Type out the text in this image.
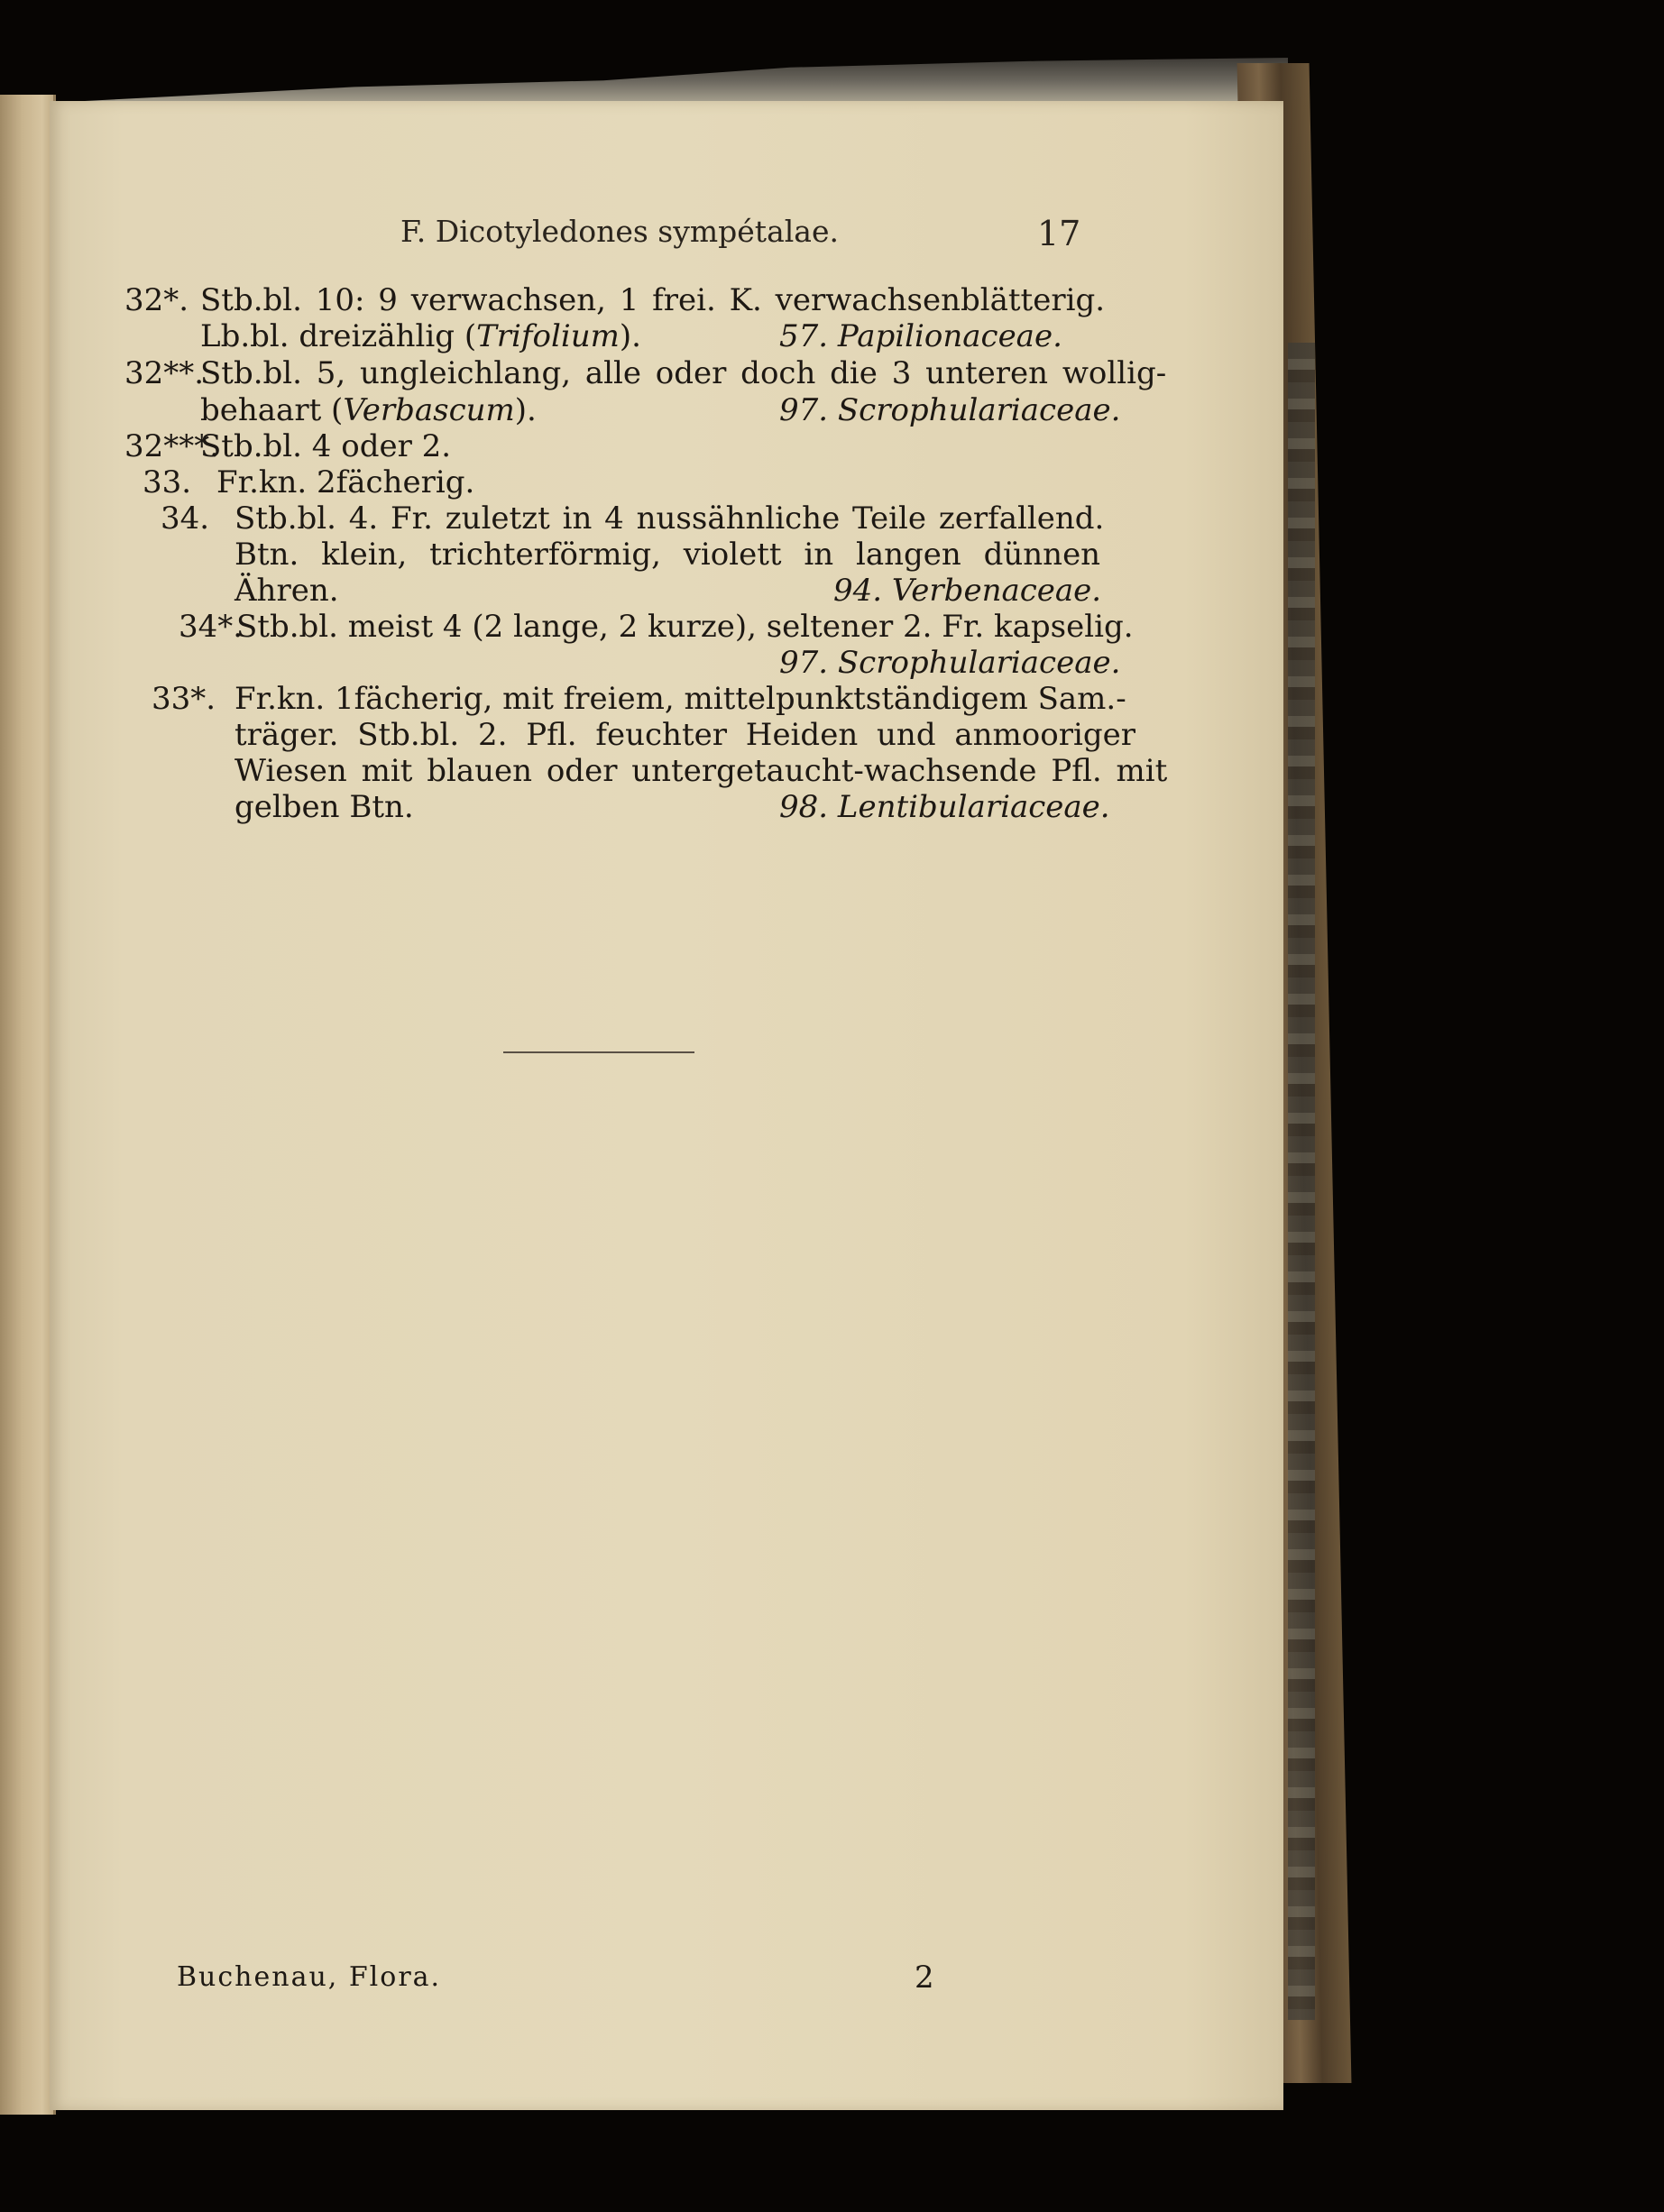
F. Dicotyledones sympétalae.	17
32*. Stb.bl. 10: 9 verwachsen, 1 frei. K. verwachsenblätterig.
Lb.bl. dreizählig (Trifolium).	57. Papilionaceae.
32**.
Stb.bl. 5, ungleichlang, alle oder doch die 3 unteren wollig-
behaart (Verbascum).	97. Scrophulariaceae.
32***.
Stb.bl. 4 oder 2.
33. Fr.kn. 2fächerig.
34. Stb.bl. 4. Fr. zuletzt in 4 nussähnliche Teile zerfallend.
Btn. klein, trichterförmig, violett in langen dünnen
Ähren.	94. Verbenaceae.
34*.
Stb.bl. meist 4 (2 lange, 2 kurze), seltener 2. Fr. kapselig.
97. Scrophulariaceae.
33*. Fr.kn. 1fächerig, mit freiem, mittelpunktständigem Sam.-
träger. Stb.bl. 2. Pfl. feuchter Heiden und anmooriger
Wiesen mit blauen oder untergetaucht-wachsende Pfl. mit
gelben Btn.	98. Lentibulariaceae.
Buchenau, Flora.	2
